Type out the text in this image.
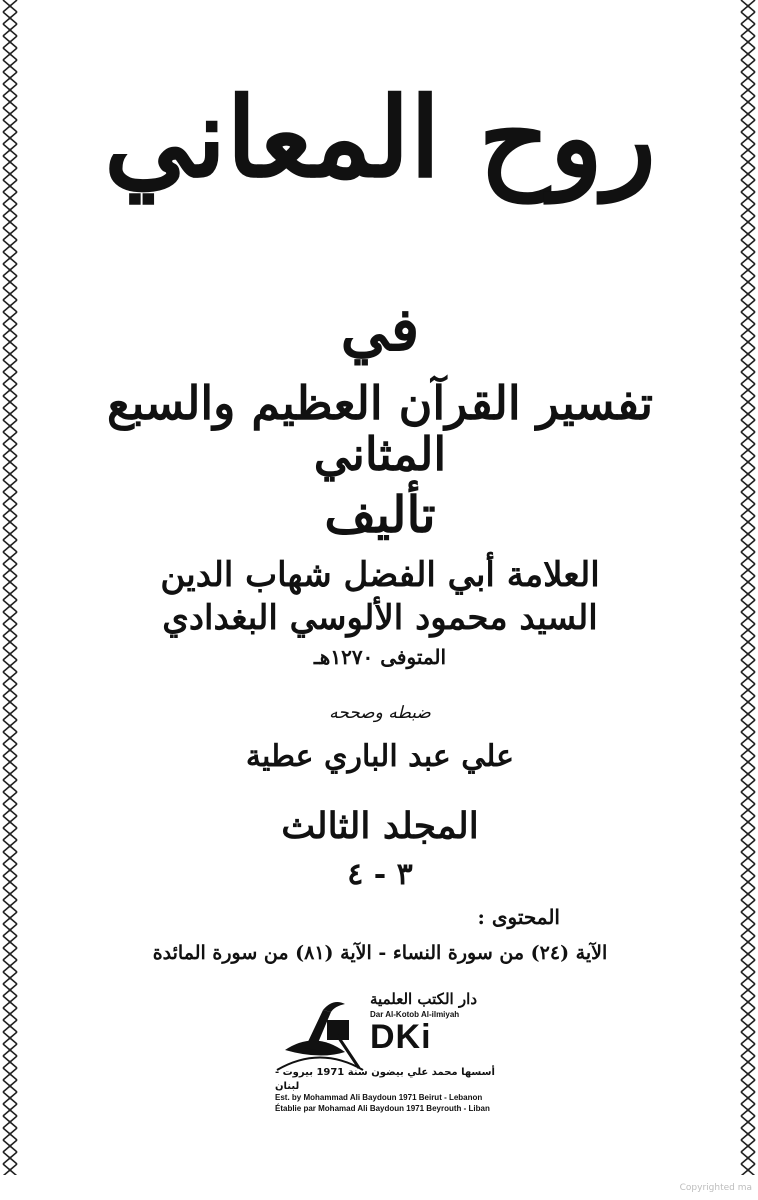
روح المعاني
في
تفسير القرآن العظيم والسبع المثاني
تأليف
العلامة أبي الفضل شهاب الدين
السيد محمود الألوسي البغدادي
المتوفى ١٢٧٠هـ
ضبطه وصححه
علي عبد الباري عطية
المجلد الثالث
٣ - ٤
المحتوى :
الآية (٢٤) من سورة النساء - الآية (٨١) من سورة المائدة
دار الكتب العلمية
Dar Al-Kotob Al-ilmiyah
DKi
أسسها محمد علي بيضون سنة 1971 بيروت - لبنان
Est. by Mohammad Ali Baydoun 1971 Beirut - Lebanon
Établie par Mohamad Ali Baydoun 1971 Beyrouth - Liban
Copyrighted ma
